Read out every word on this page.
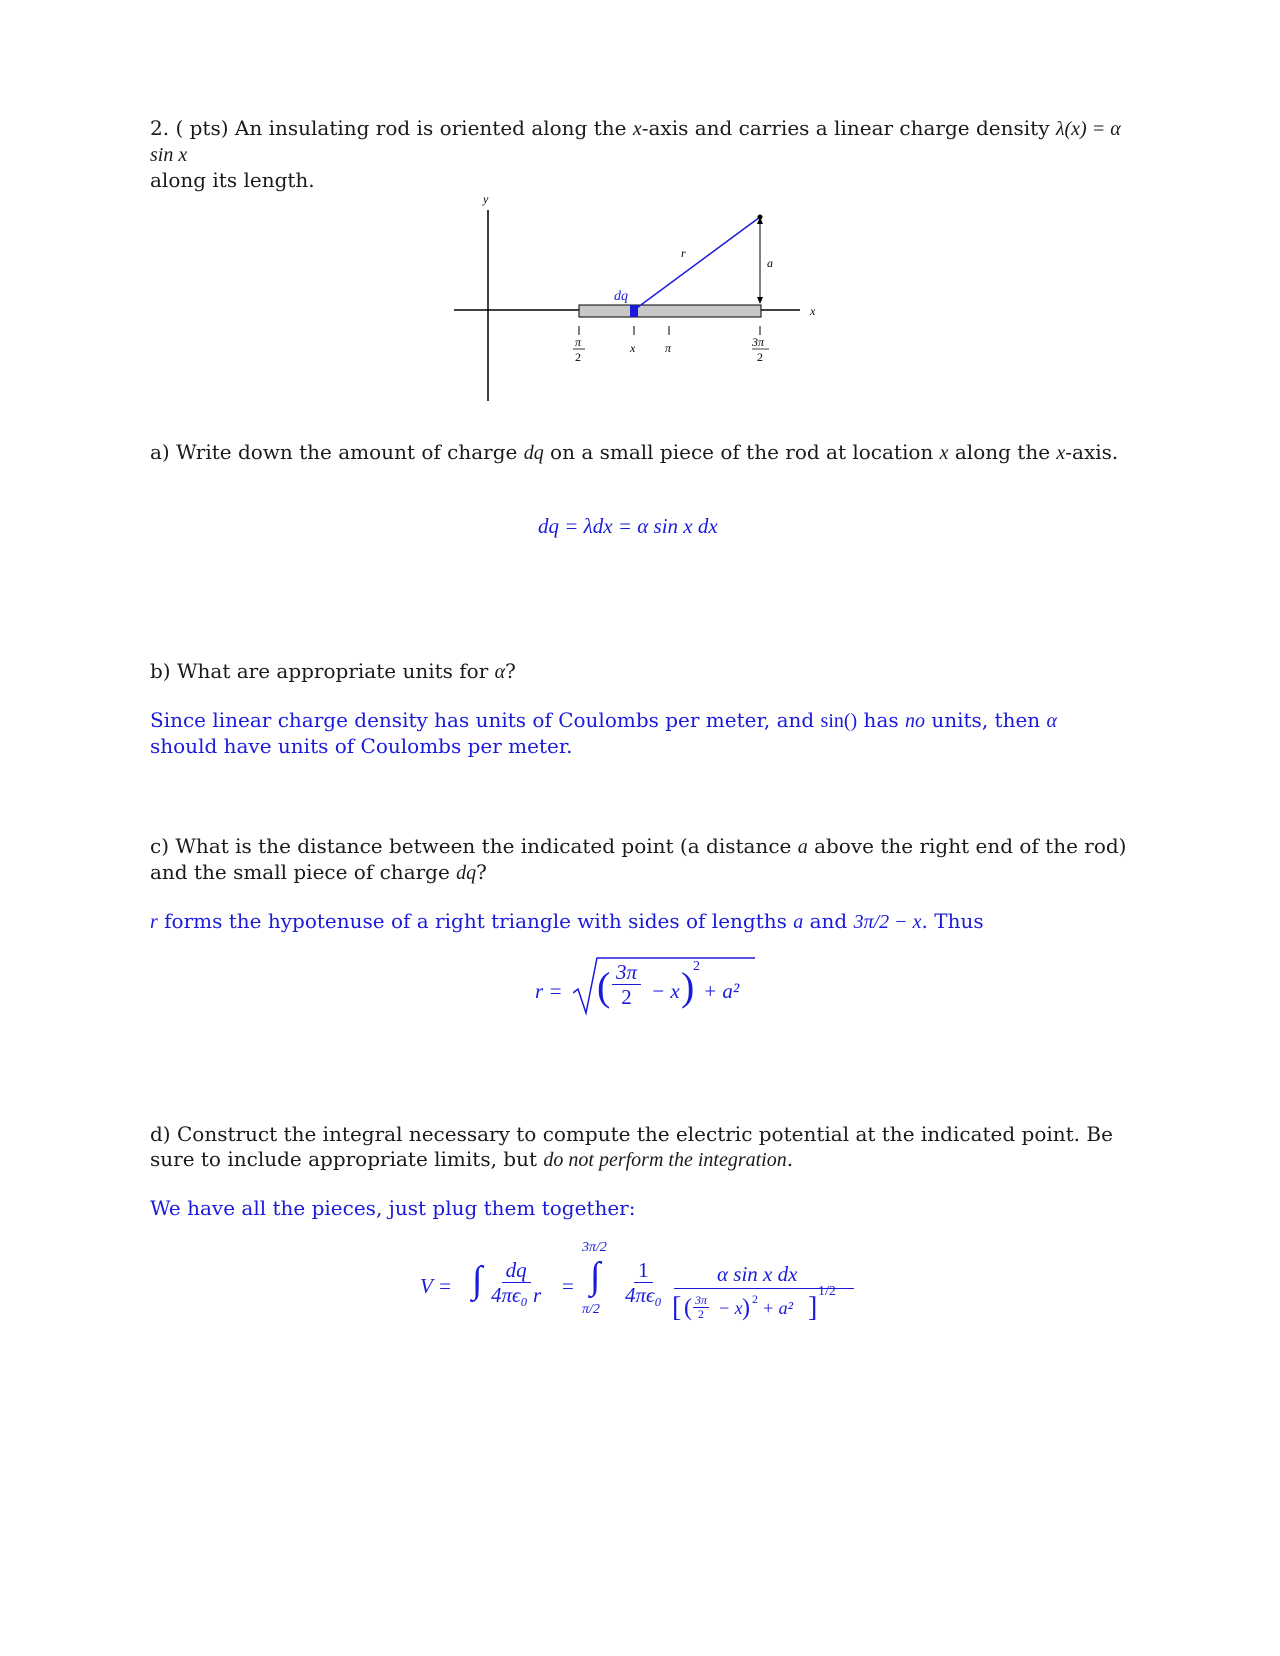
2. ( pts) An insulating rod is oriented along the x-axis and carries a linear charge density λ(x) = α sin x
along its length.

y
x
r
a
dq
π
2
x π	3π
2

a) Write down the amount of charge dq on a small piece of the rod at location x along the x-axis.

dq = λdx = α sin x dx

b) What are appropriate units for α?

Since linear charge density has units of Coulombs per meter, and sin() has no units, then α should have units of Coulombs per meter.

c) What is the distance between the indicated point (a distance a above the right end of the rod) and the small piece of charge dq?

r forms the hypotenuse of a right triangle with sides of lengths a and 3π/2 − x. Thus

r = ( $\frac{3\pi}{2} - x$ )
2
+ a²

d) Construct the integral necessary to compute the electric potential at the indicated point. Be sure to include appropriate limits, but do not perform the integration.

We have all the pieces, just plug them together:

V = ∫ $\frac{dq}{\text{4πϵ₀ r}}$ =
3π/2
∫
π/2
$\frac{1}{\text{4πϵ₀}}$ α sin x dx
[ ( $\frac{3\pi}{2} - x$ ) 2 + a² ]
1/2
